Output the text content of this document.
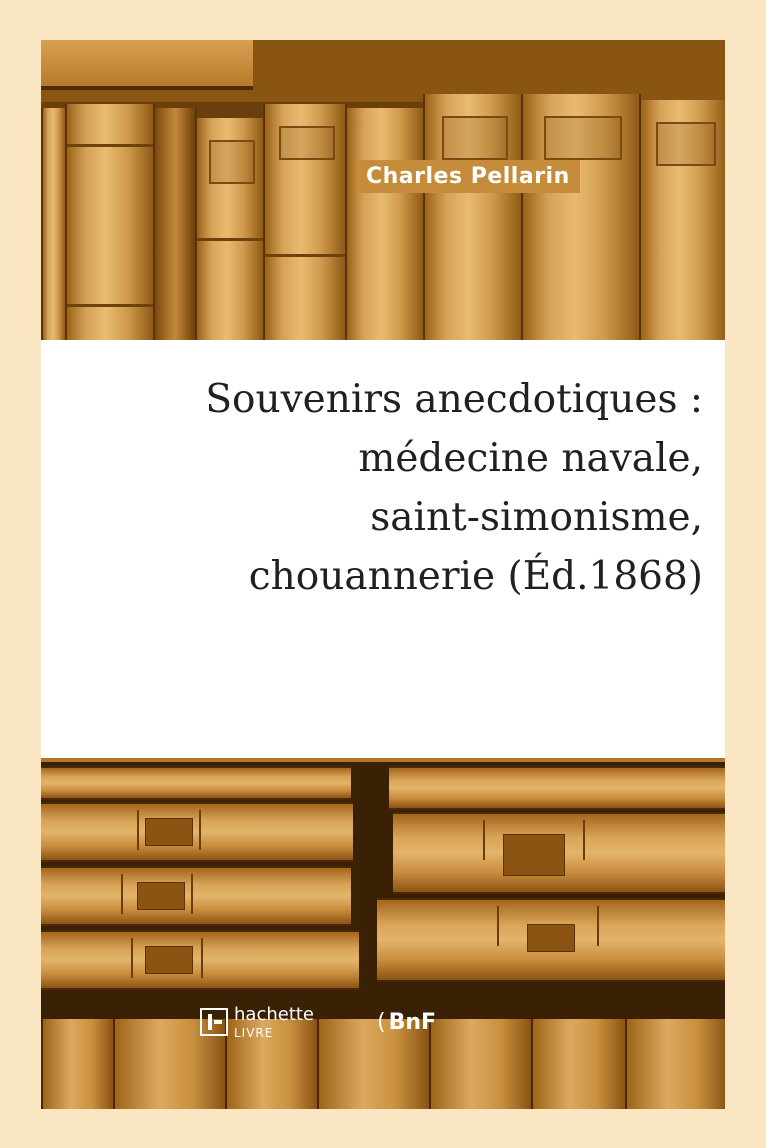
Charles Pellarin
Souvenirs anecdotiques :
médecine navale,
saint-simonisme,
chouannerie (Éd.1868)
hachette
LIVRE	( BnF
